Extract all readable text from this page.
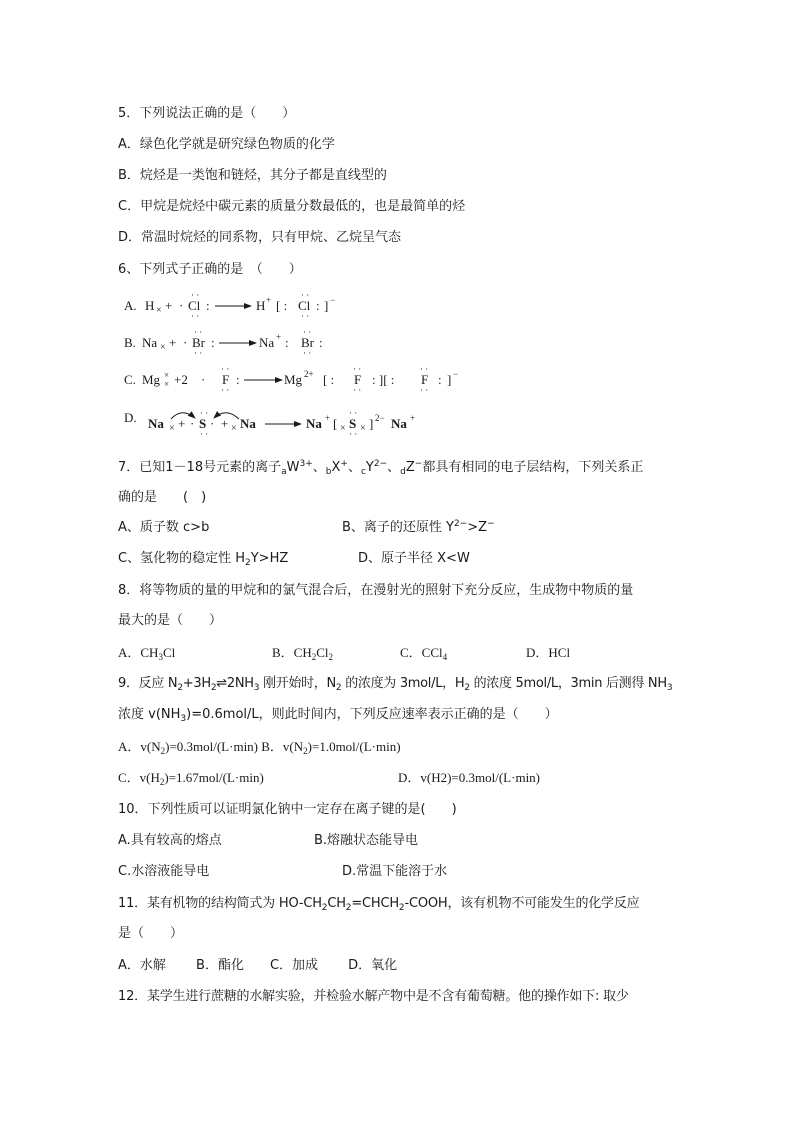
5．下列说法正确的是（　　）
A．绿色化学就是研究绿色物质的化学
B．烷烃是一类饱和链烃，其分子都是直线型的
C．甲烷是烷烃中碳元素的质量分数最低的，也是最简单的烃
D．常温时烷烃的同系物，只有甲烷、乙烷呈气态
6、下列式子正确的是　（　　）
A. H × + · Cl
· ·
· ·
:	H + [ : Cl
· ·
· ·
: ] −
B. Na × + · Br
· ·
· ·
:	Na + : Br
· ·
· ·
:
C. Mg ×
× +2 · F
· ·
· ·
:	Mg 2+ [ : F
· ·
· ·
: ][ : F
· ·
· ·
: ] −
D. Na × + · S
· ·
· ·
· + × Na	Na + [ × S
· ·
· · × ] 2− Na +
7．已知1－18号元素的离子$_aW^{3+}$、$_b$X+、$_cY^{2-}$、$_d$Z−都具有相同的电子层结构，下列关系正
确的是　　(　)
A、质子数 c>b	B、离子的还原性 $Y^{2-}>Z^-$
C、氢化物的稳定性 $H_2Y>HZ$	D、原子半径 X<W
8．将等物质的量的甲烷和的氯气混合后，在漫射光的照射下充分反应，生成物中物质的量
最大的是（　　）
A．$CH_3Cl$	B．$CH_2Cl_2$	C．CCl$_4$	D．HCl
9．反应 $N_2+3H_2\rightleftharpoons 2NH_3$ 刚开始时，$N_2$ 的浓度为 3mol/L，$H_2$ 的浓度 5mol/L，3min 后测得 $NH_3$
浓度 $v(NH_3)=0.6mol/L$，则此时间内，下列反应速率表示正确的是（　　）
A．$v(N_2)=0.3mol/(L\cdot\min)$ B．$v(N_2)=1.0mol/(L\cdot\min)$
C．$v(H_2)=1.67mol/(L\cdot\min)$	D．v(H2)=0.3mol/(L·min)
10．下列性质可以证明氯化钠中一定存在离子键的是(　　)
A.具有较高的熔点	B.熔融状态能导电
C.水溶液能导电	D.常温下能溶于水
11．某有机物的结构简式为 $HO-CH_2CH_2=CHCH_2$-COOH，该有机物不可能发生的化学反应
是（　　）
A．水解　　 B．酯化　　C．加成　　 D．氧化
12．某学生进行蔗糖的水解实验，并检验水解产物中是不含有葡萄糖。他的操作如下: 取少
